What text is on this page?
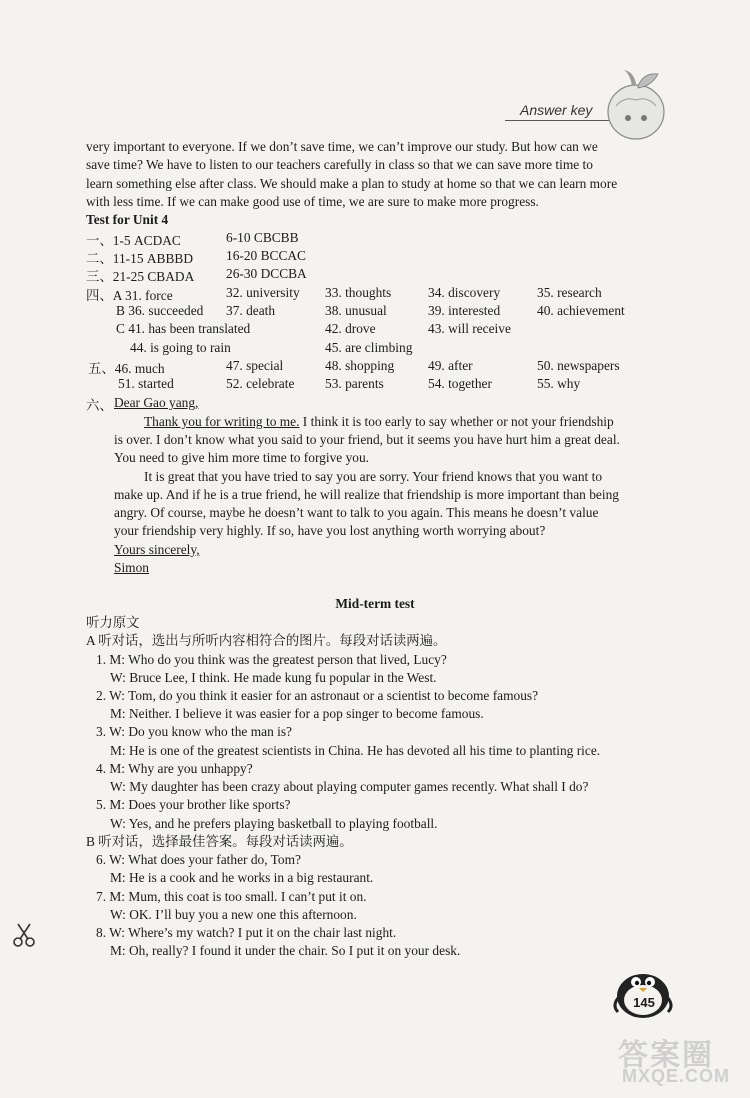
Answer key
very important to everyone. If we don’t save time, we can’t improve our study. But how can we
save time? We have to listen to our teachers carefully in class so that we can save more time to
learn something else after class. We should make a plan to study at home so that we can learn more
with less time. If we can make good use of time, we are sure to make more progress.
Test for Unit 4
一、1-5 ACDAC	6-10 CBCBB
二、11-15 ABBBD 16-20 BCCAC
三、21-25 CBADA 26-30 DCCBA
四、A 31. force	32. university 33. thoughts	34. discovery	35. research
B 36. succeeded 37. death	38. unusual	39. interested	40. achievement
C 41. has been translated	42. drove	43. will receive
44. is going to rain	45. are climbing
五、46. much	47. special	48. shopping	49. after	50. newspapers
51. started	52. celebrate 53. parents	54. together	55. why
六、 Dear Gao yang,
Thank you for writing to me. I think it is too early to say whether or not your friendship
is over. I don’t know what you said to your friend, but it seems you have hurt him a great deal.
You need to give him more time to forgive you.
It is great that you have tried to say you are sorry. Your friend knows that you want to
make up. And if he is a true friend, he will realize that friendship is more important than being
angry. Of course, maybe he doesn’t want to talk to you again. This means he doesn’t value
your friendship very highly. If so, have you lost anything worth worrying about?
Yours sincerely,
Simon
Mid-term test
听力原文
A 听对话，选出与所听内容相符合的图片。每段对话读两遍。
1. M: Who do you think was the greatest person that lived, Lucy?
W: Bruce Lee, I think. He made kung fu popular in the West.
2. W: Tom, do you think it easier for an astronaut or a scientist to become famous?
M: Neither. I believe it was easier for a pop singer to become famous.
3. W: Do you know who the man is?
M: He is one of the greatest scientists in China. He has devoted all his time to planting rice.
4. M: Why are you unhappy?
W: My daughter has been crazy about playing computer games recently. What shall I do?
5. M: Does your brother like sports?
W: Yes, and he prefers playing basketball to playing football.
B 听对话，选择最佳答案。每段对话读两遍。
6. W: What does your father do, Tom?
M: He is a cook and he works in a big restaurant.
7. M: Mum, this coat is too small. I can’t put it on.
W: OK. I’ll buy you a new one this afternoon.
8. W: Where’s my watch? I put it on the chair last night.
M: Oh, really? I found it under the chair. So I put it on your desk.
145
答案圈
MXQE.COM
